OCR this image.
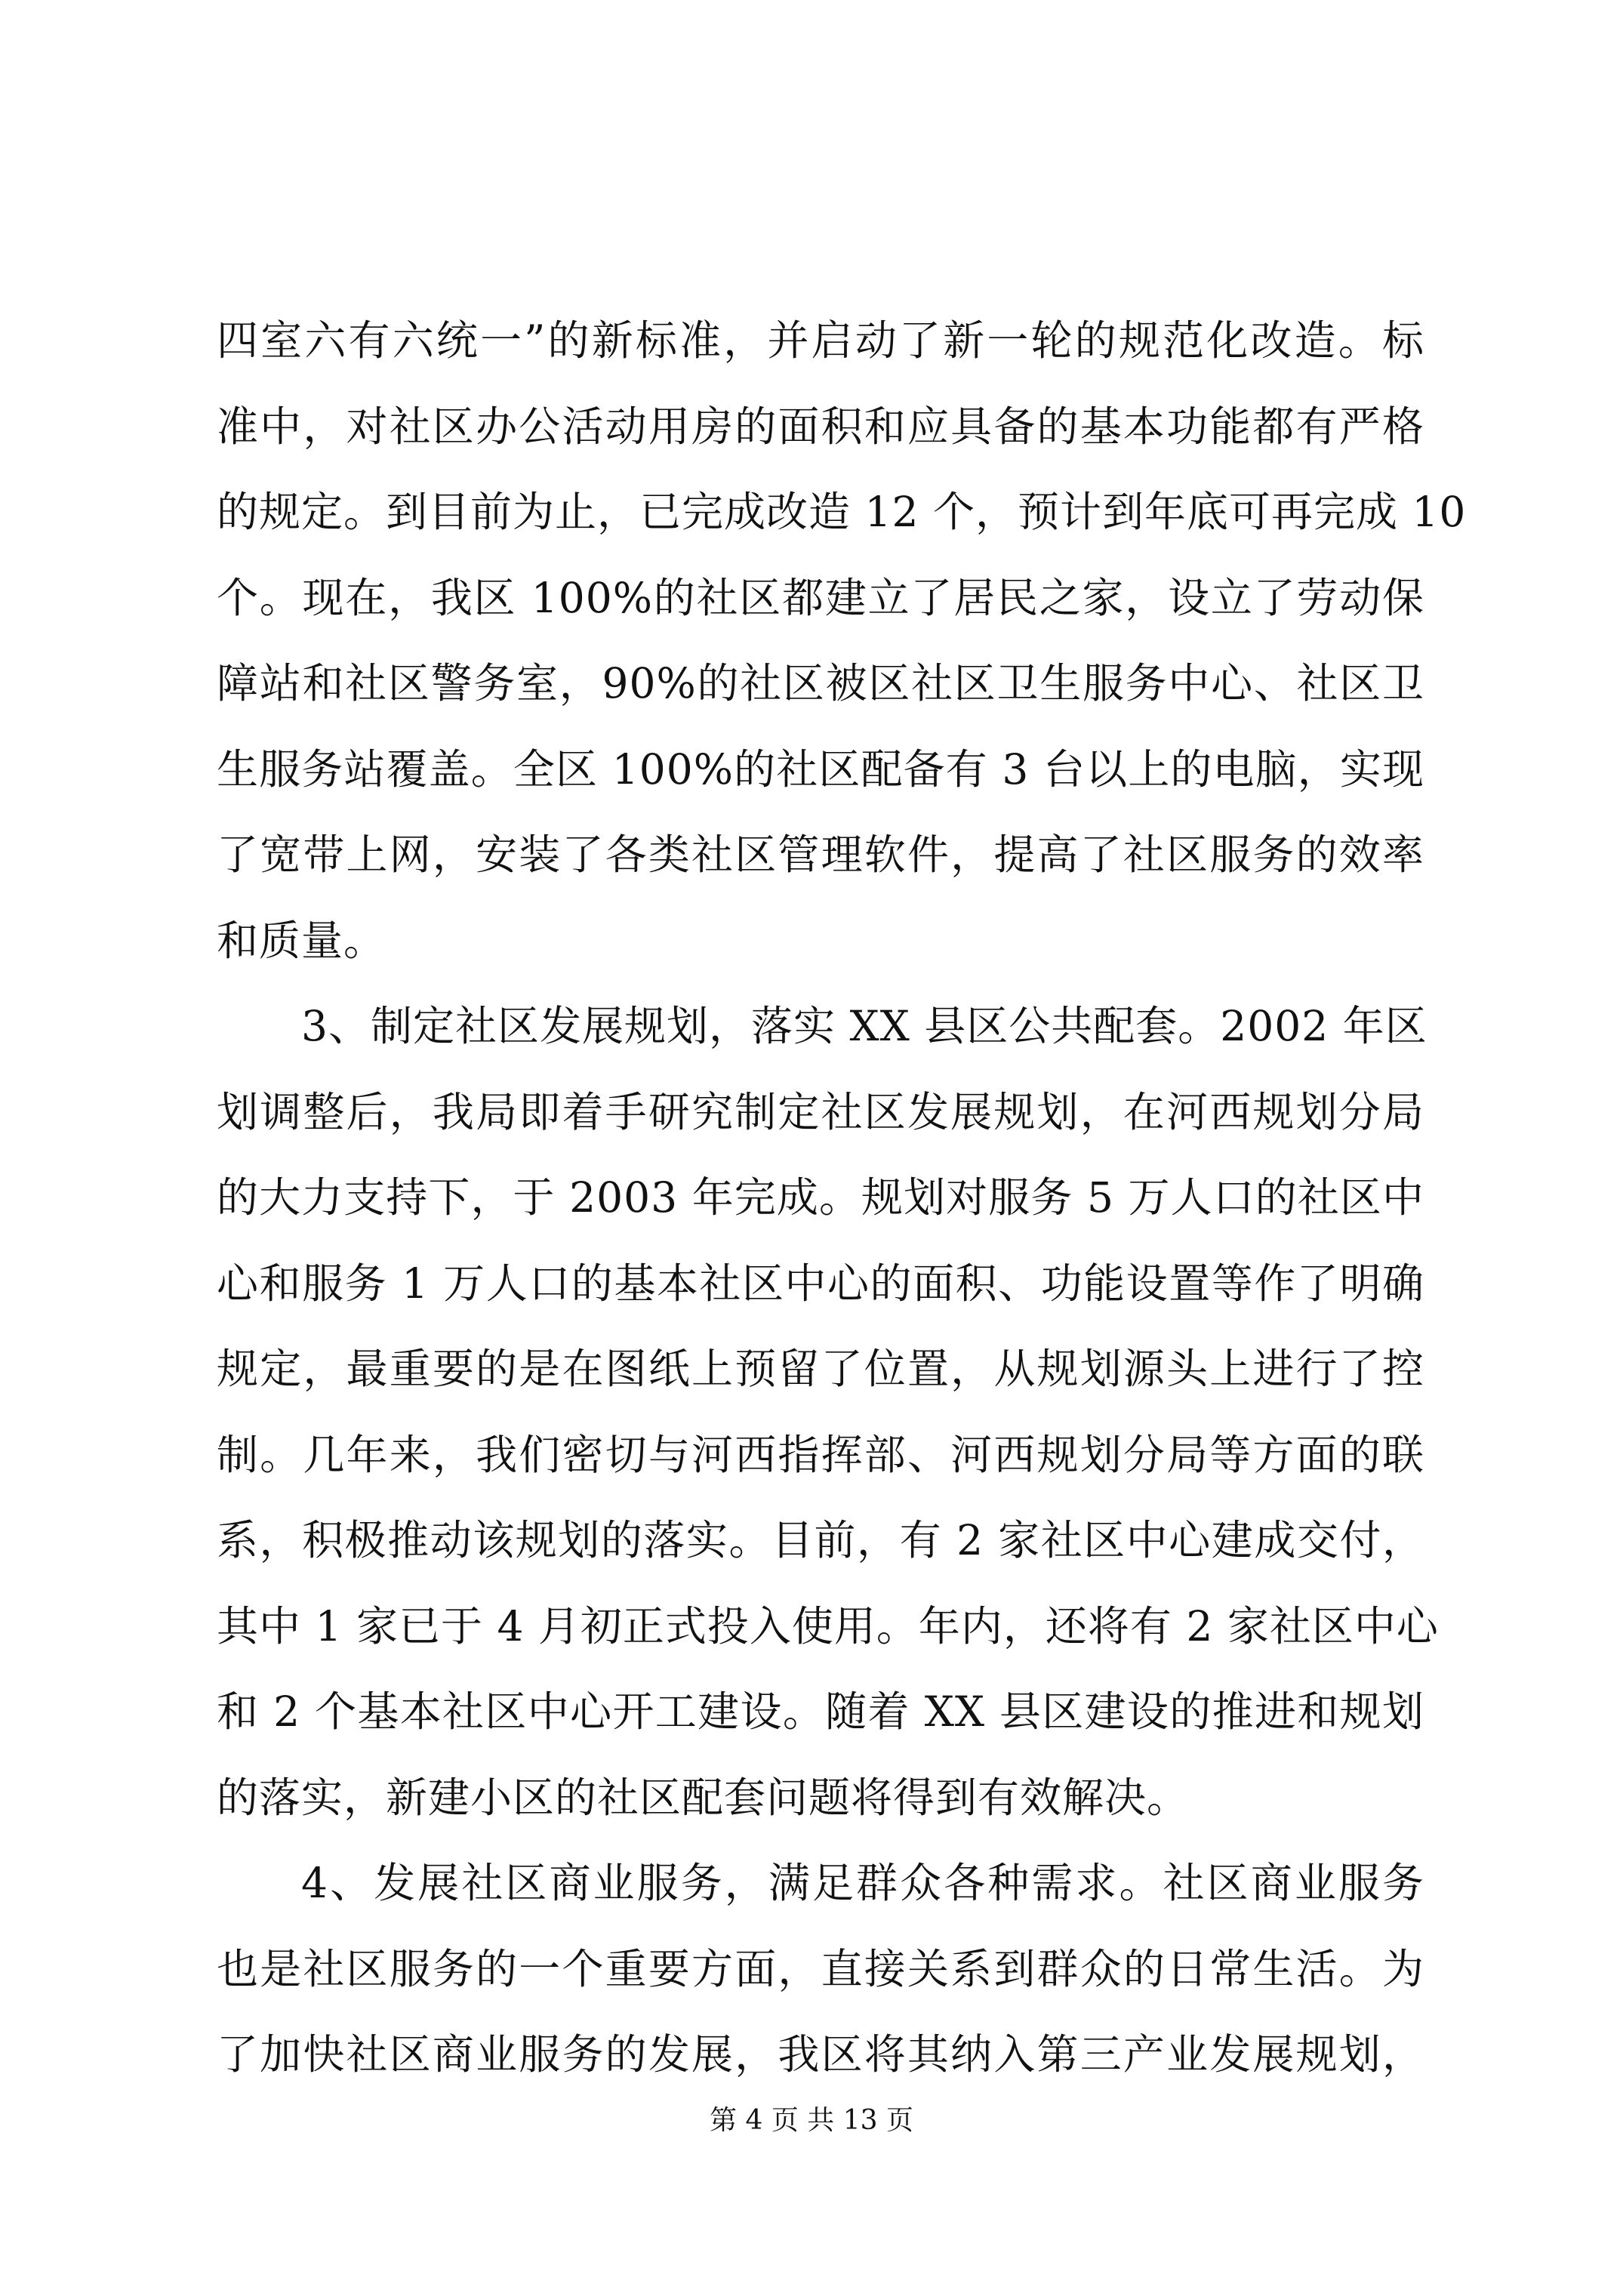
四室六有六统一”的新标准，并启动了新一轮的规范化改造。标
准中，对社区办公活动用房的面积和应具备的基本功能都有严格
的规定。到目前为止，已完成改造 12 个，预计到年底可再完成 10
个。现在，我区 100%的社区都建立了居民之家，设立了劳动保
障站和社区警务室，90%的社区被区社区卫生服务中心、社区卫
生服务站覆盖。全区 100%的社区配备有 3 台以上的电脑，实现
了宽带上网，安装了各类社区管理软件，提高了社区服务的效率
和质量。
3、制定社区发展规划，落实 XX 县区公共配套。2002 年区
划调整后，我局即着手研究制定社区发展规划，在河西规划分局
的大力支持下，于 2003 年完成。规划对服务 5 万人口的社区中
心和服务 1 万人口的基本社区中心的面积、功能设置等作了明确
规定，最重要的是在图纸上预留了位置，从规划源头上进行了控
制。几年来，我们密切与河西指挥部、河西规划分局等方面的联
系，积极推动该规划的落实。目前，有 2 家社区中心建成交付，
其中 1 家已于 4 月初正式投入使用。年内，还将有 2 家社区中心
和 2 个基本社区中心开工建设。随着 XX 县区建设的推进和规划
的落实，新建小区的社区配套问题将得到有效解决。
4、发展社区商业服务，满足群众各种需求。社区商业服务
也是社区服务的一个重要方面，直接关系到群众的日常生活。为
了加快社区商业服务的发展，我区将其纳入第三产业发展规划，
第 4 页 共 13 页
